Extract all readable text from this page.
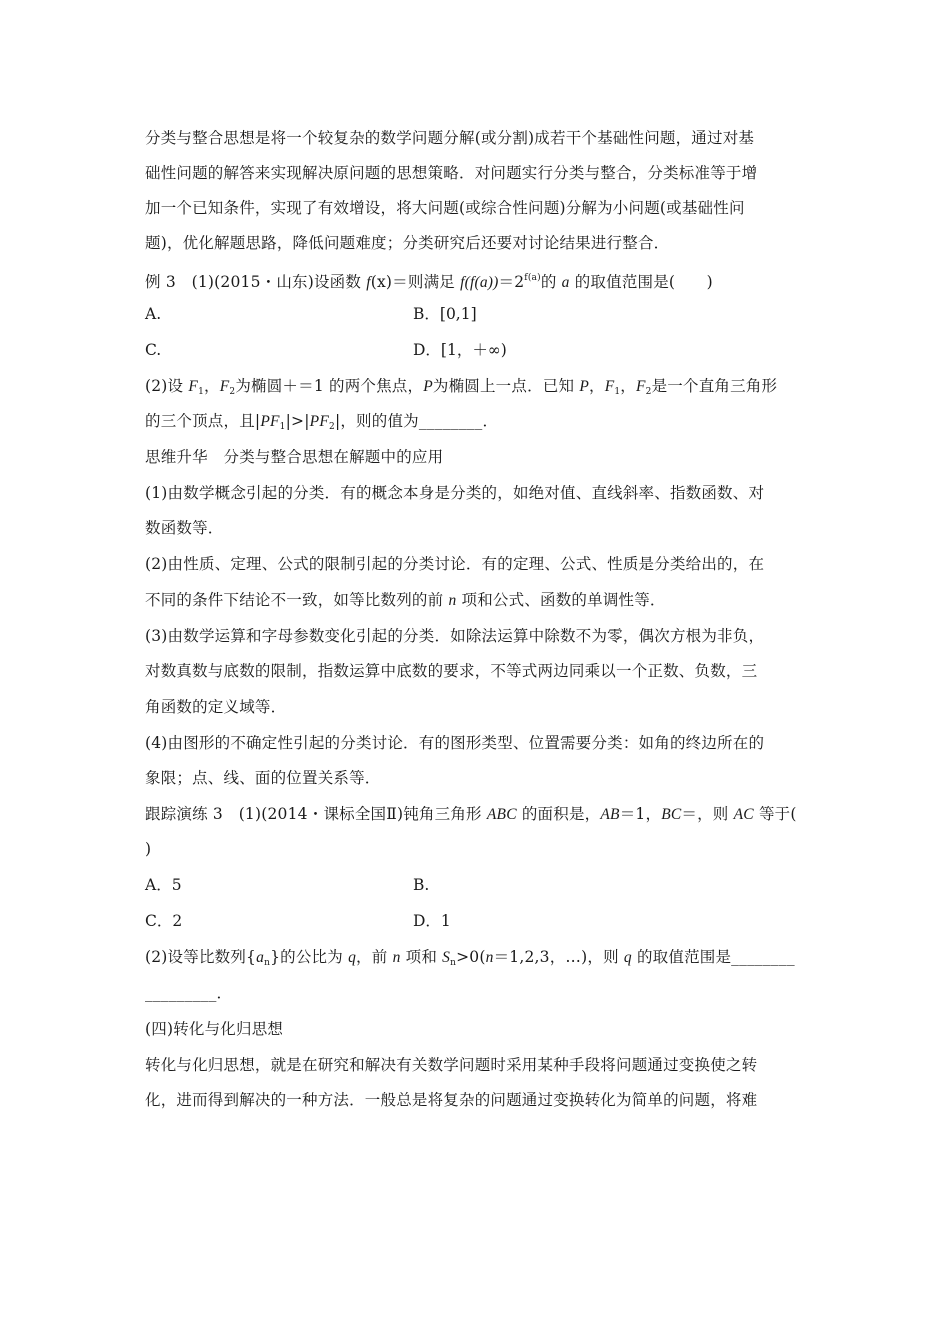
分类与整合思想是将一个较复杂的数学问题分解(或分割)成若干个基础性问题，通过对基
础性问题的解答来实现解决原问题的思想策略．对问题实行分类与整合，分类标准等于增
加一个已知条件，实现了有效增设，将大问题(或综合性问题)分解为小问题(或基础性问
题)，优化解题思路，降低问题难度；分类研究后还要对讨论结果进行整合．
例 3　(1)(2015・山东)设函数 f(x)＝则满足 $f(f(a))=2^{f(a)}$的 a 的取值范围是(　　)
A.	B．[0,1]
C.	D．[1，＋∞)
(2)设 $F_1$，$F_2$为椭圆＋＝1 的两个焦点，P为椭圆上一点．已知 P，$F_1$，$F_2$是一个直角三角形
的三个顶点，且$|PF_1|>|PF_2|$，则的值为________．
思维升华　分类与整合思想在解题中的应用
(1)由数学概念引起的分类．有的概念本身是分类的，如绝对值、直线斜率、指数函数、对
数函数等．
(2)由性质、定理、公式的限制引起的分类讨论．有的定理、公式、性质是分类给出的，在
不同的条件下结论不一致，如等比数列的前 n 项和公式、函数的单调性等．
(3)由数学运算和字母参数变化引起的分类．如除法运算中除数不为零，偶次方根为非负，
对数真数与底数的限制，指数运算中底数的要求，不等式两边同乘以一个正数、负数，三
角函数的定义域等．
(4)由图形的不确定性引起的分类讨论．有的图形类型、位置需要分类：如角的终边所在的
象限；点、线、面的位置关系等．
跟踪演练 3　(1)(2014・课标全国Ⅱ)钝角三角形 ABC 的面积是，AB＝1，BC＝，则 AC 等于(
)
A．5	B.
C．2	D．1
(2)设等比数列$\{a_n\}$的公比为 q，前 n 项和 $S_n>0(n=1,2,3$，…)，则 q 的取值范围是________
_________．
(四)转化与化归思想
转化与化归思想，就是在研究和解决有关数学问题时采用某种手段将问题通过变换使之转
化，进而得到解决的一种方法．一般总是将复杂的问题通过变换转化为简单的问题，将难
